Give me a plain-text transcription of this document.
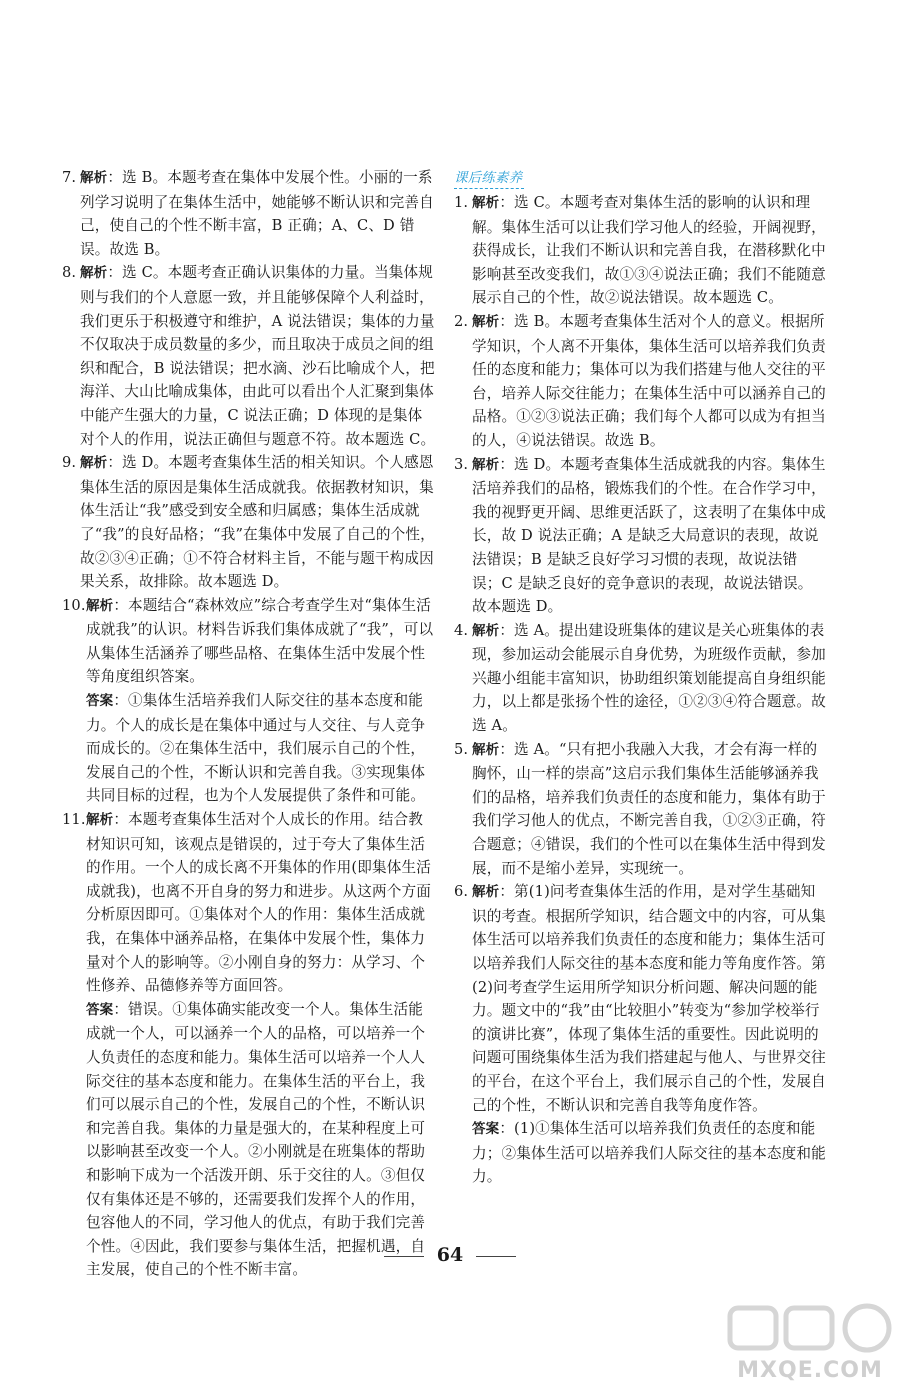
7. 解析：选 B。本题考查在集体中发展个性。小丽的一系列学习说明了在集体生活中，她能够不断认识和完善自己，使自己的个性不断丰富，B 正确；A、C、D 错误。故选 B。

8. 解析：选 C。本题考查正确认识集体的力量。当集体规则与我们的个人意愿一致，并且能够保障个人利益时，我们更乐于积极遵守和维护，A 说法错误；集体的力量不仅取决于成员数量的多少，而且取决于成员之间的组织和配合，B 说法错误；把水滴、沙石比喻成个人，把海洋、大山比喻成集体，由此可以看出个人汇聚到集体中能产生强大的力量，C 说法正确；D 体现的是集体对个人的作用，说法正确但与题意不符。故本题选 C。

9. 解析：选 D。本题考查集体生活的相关知识。个人感恩集体生活的原因是集体生活成就我。依据教材知识，集体生活让“我”感受到安全感和归属感；集体生活成就了“我”的良好品格；“我”在集体中发展了自己的个性，故②③④正确；①不符合材料主旨，不能与题干构成因果关系，故排除。故本题选 D。

10. 解析：本题结合“森林效应”综合考查学生对“集体生活成就我”的认识。材料告诉我们集体成就了“我”，可以从集体生活涵养了哪些品格、在集体生活中发展个性等角度组织答案。

答案：①集体生活培养我们人际交往的基本态度和能力。个人的成长是在集体中通过与人交往、与人竞争而成长的。②在集体生活中，我们展示自己的个性，发展自己的个性，不断认识和完善自我。③实现集体共同目标的过程，也为个人发展提供了条件和可能。

11. 解析：本题考查集体生活对个人成长的作用。结合教材知识可知，该观点是错误的，过于夸大了集体生活的作用。一个人的成长离不开集体的作用(即集体生活成就我)，也离不开自身的努力和进步。从这两个方面分析原因即可。①集体对个人的作用：集体生活成就我，在集体中涵养品格，在集体中发展个性，集体力量对个人的影响等。②小刚自身的努力：从学习、个性修养、品德修养等方面回答。

答案：错误。①集体确实能改变一个人。集体生活能成就一个人，可以涵养一个人的品格，可以培养一个人负责任的态度和能力。集体生活可以培养一个人人际交往的基本态度和能力。在集体生活的平台上，我们可以展示自己的个性，发展自己的个性，不断认识和完善自我。集体的力量是强大的，在某种程度上可以影响甚至改变一个人。②小刚就是在班集体的帮助和影响下成为一个活泼开朗、乐于交往的人。③但仅仅有集体还是不够的，还需要我们发挥个人的作用，包容他人的不同，学习他人的优点，有助于我们完善个性。④因此，我们要参与集体生活，把握机遇，自主发展，使自己的个性不断丰富。

课后练素养

1. 解析：选 C。本题考查对集体生活的影响的认识和理解。集体生活可以让我们学习他人的经验，开阔视野，获得成长，让我们不断认识和完善自我，在潜移默化中影响甚至改变我们，故①③④说法正确；我们不能随意展示自己的个性，故②说法错误。故本题选 C。

2. 解析：选 B。本题考查集体生活对个人的意义。根据所学知识，个人离不开集体，集体生活可以培养我们负责任的态度和能力；集体可以为我们搭建与他人交往的平台，培养人际交往能力；在集体生活中可以涵养自己的品格。①②③说法正确；我们每个人都可以成为有担当的人，④说法错误。故选 B。

3. 解析：选 D。本题考查集体生活成就我的内容。集体生活培养我们的品格，锻炼我们的个性。在合作学习中，我的视野更开阔、思维更活跃了，这表明了在集体中成长，故 D 说法正确；A 是缺乏大局意识的表现，故说法错误；B 是缺乏良好学习习惯的表现，故说法错误；C 是缺乏良好的竞争意识的表现，故说法错误。故本题选 D。

4. 解析：选 A。提出建设班集体的建议是关心班集体的表现，参加运动会能展示自身优势，为班级作贡献，参加兴趣小组能丰富知识，协助组织策划能提高自身组织能力，以上都是张扬个性的途径，①②③④符合题意。故选 A。

5. 解析：选 A。“只有把小我融入大我，才会有海一样的胸怀，山一样的崇高”这启示我们集体生活能够涵养我们的品格，培养我们负责任的态度和能力，集体有助于我们学习他人的优点，不断完善自我，①②③正确，符合题意；④错误，我们的个性可以在集体生活中得到发展，而不是缩小差异，实现统一。

6. 解析：第(1)问考查集体生活的作用，是对学生基础知识的考查。根据所学知识，结合题文中的内容，可从集体生活可以培养我们负责任的态度和能力；集体生活可以培养我们人际交往的基本态度和能力等角度作答。第(2)问考查学生运用所学知识分析问题、解决问题的能力。题文中的“我”由“比较胆小”转变为“参加学校举行的演讲比赛”，体现了集体生活的重要性。因此说明的问题可围绕集体生活为我们搭建起与他人、与世界交往的平台，在这个平台上，我们展示自己的个性，发展自己的个性，不断认识和完善自我等角度作答。

答案：(1)①集体生活可以培养我们负责任的态度和能力；②集体生活可以培养我们人际交往的基本态度和能力。

64
MXQE.COM
